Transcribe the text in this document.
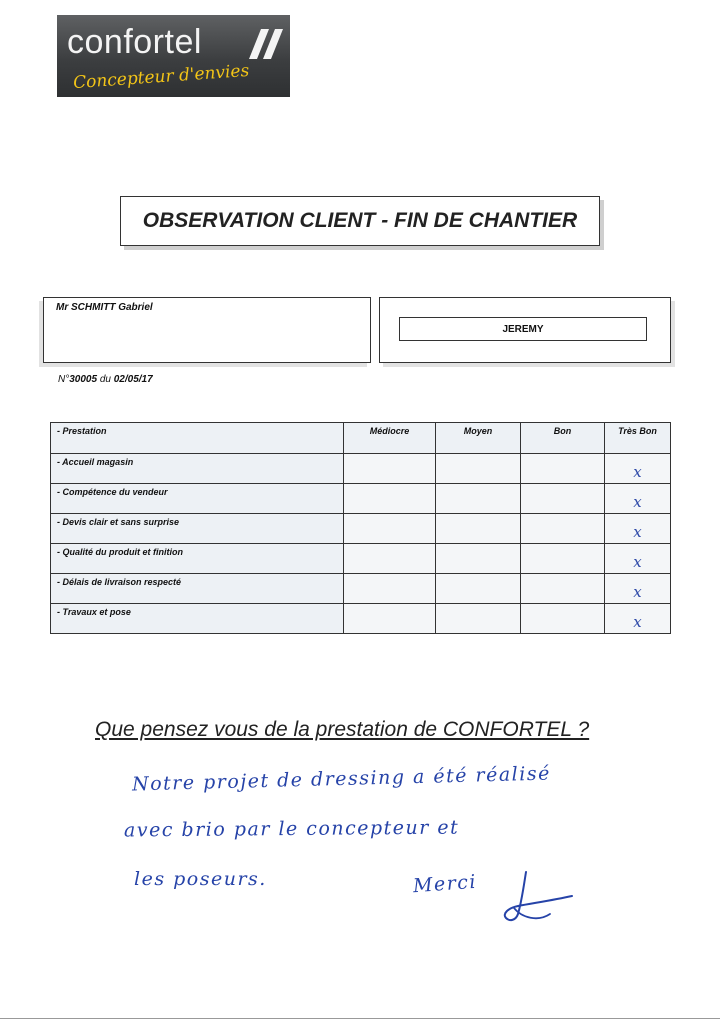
confortel
Concepteur d'envies
OBSERVATION CLIENT - FIN DE CHANTIER
Mr SCHMITT Gabriel
JEREMY
N°30005 du 02/05/17
- Prestation	Médiocre	Moyen	Bon	Très Bon
- Accueil magasin				x
- Compétence du vendeur				x
- Devis clair et sans surprise				x
- Qualité du produit et finition				x
- Délais de livraison respecté				x
- Travaux et pose				x
Que pensez vous de la prestation de CONFORTEL ?
Notre projet de dressing a été réalisé
avec brio par le concepteur et
les poseurs.	Merci
